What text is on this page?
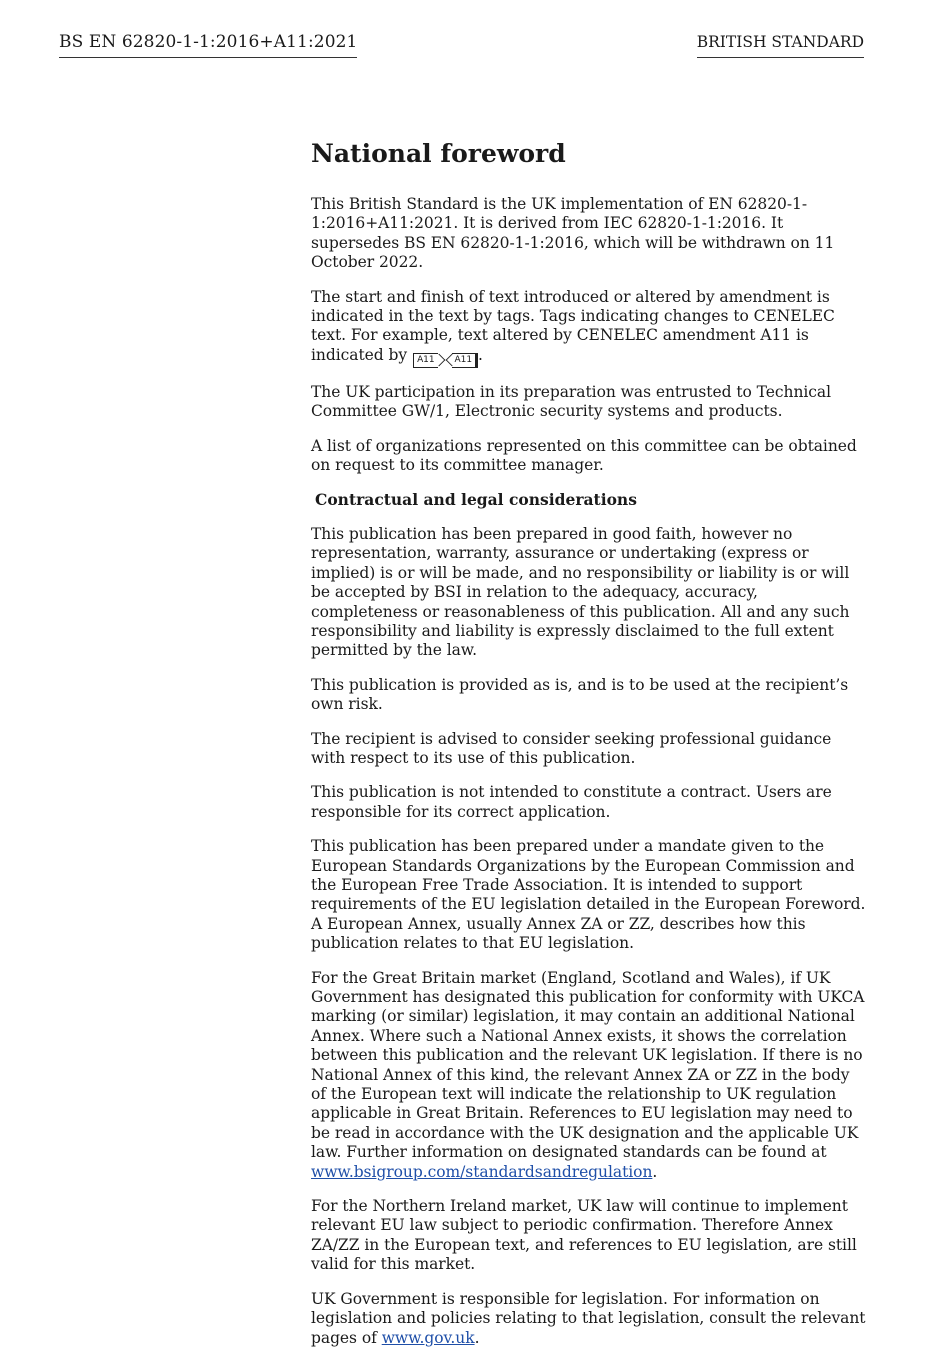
BS EN 62820-1-1:2016+A11:2021	BRITISH STANDARD
National foreword

This British Standard is the UK implementation of EN 62820-1-1:2016+A11:2021. It is derived from IEC 62820-1-1:2016. It supersedes BS EN 62820-1-1:2016, which will be withdrawn on 11 October 2022.

The start and finish of text introduced or altered by amendment is indicated in the text by tags. Tags indicating changes to CENELEC text. For example, text altered by CENELEC amendment A11 is indicated by A11 A11 .

The UK participation in its preparation was entrusted to Technical Committee GW/1, Electronic security systems and products.

A list of organizations represented on this committee can be obtained on request to its committee manager.

Contractual and legal considerations

This publication has been prepared in good faith, however no representation, warranty, assurance or undertaking (express or implied) is or will be made, and no responsibility or liability is or will be accepted by BSI in relation to the adequacy, accuracy, completeness or reasonableness of this publication. All and any such responsibility and liability is expressly disclaimed to the full extent permitted by the law.

This publication is provided as is, and is to be used at the recipient’s own risk.

The recipient is advised to consider seeking professional guidance with respect to its use of this publication.

This publication is not intended to constitute a contract. Users are responsible for its correct application.

This publication has been prepared under a mandate given to the European Standards Organizations by the European Commission and the European Free Trade Association. It is intended to support requirements of the EU legislation detailed in the European Foreword. A European Annex, usually Annex ZA or ZZ, describes how this publication relates to that EU legislation.

For the Great Britain market (England, Scotland and Wales), if UK Government has designated this publication for conformity with UKCA marking (or similar) legislation, it may contain an additional National Annex. Where such a National Annex exists, it shows the correlation between this publication and the relevant UK legislation. If there is no National Annex of this kind, the relevant Annex ZA or ZZ in the body of the European text will indicate the relationship to UK regulation applicable in Great Britain. References to EU legislation may need to be read in accordance with the UK designation and the applicable UK law. Further information on designated standards can be found at www.bsigroup.com/standardsandregulation.

For the Northern Ireland market, UK law will continue to implement relevant EU law subject to periodic confirmation. Therefore Annex ZA/ZZ in the European text, and references to EU legislation, are still valid for this market.

UK Government is responsible for legislation. For information on legislation and policies relating to that legislation, consult the relevant pages of www.gov.uk.
